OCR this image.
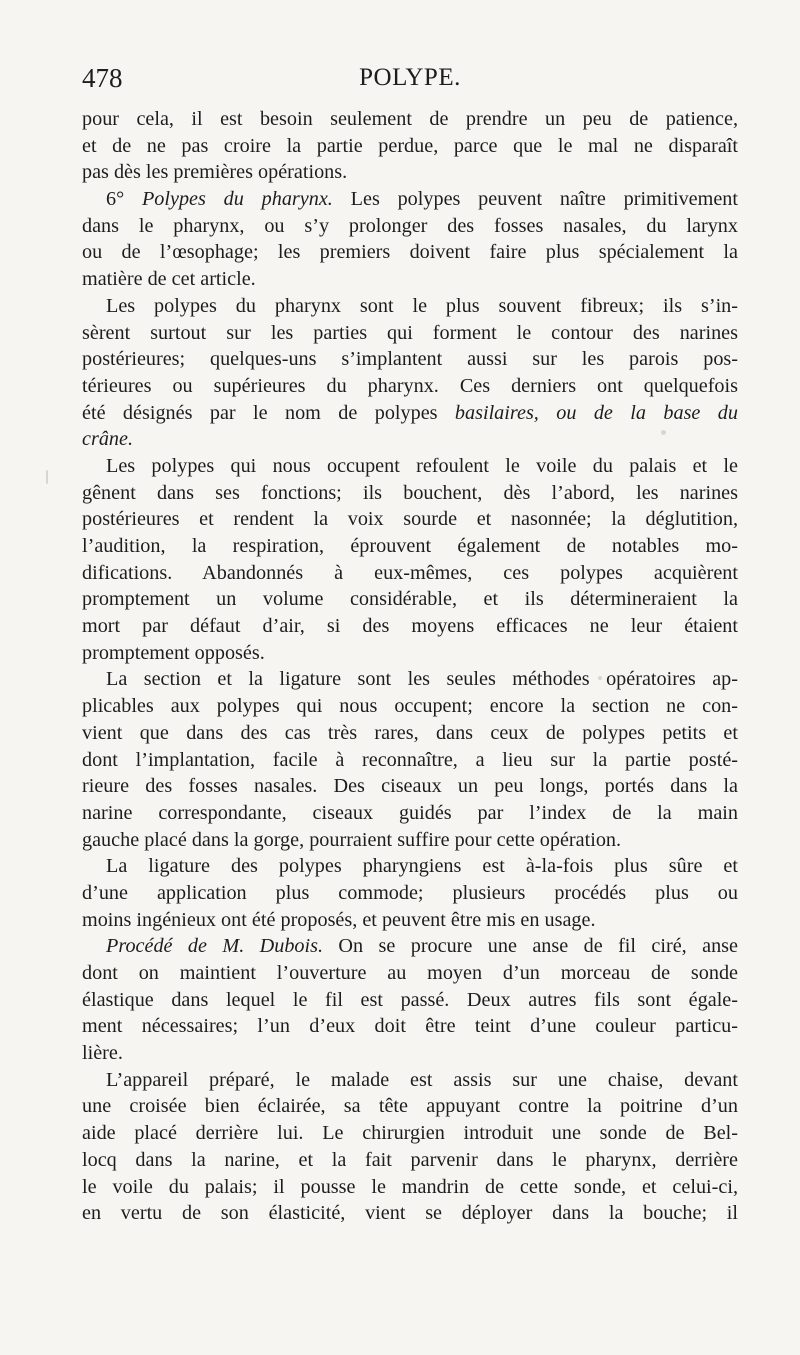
478	POLYPE.
pour cela, il est besoin seulement de prendre un peu de patience,
et de ne pas croire la partie perdue, parce que le mal ne disparaît
pas dès les premières opérations.
6° Polypes du pharynx. Les polypes peuvent naître primitivement
dans le pharynx, ou s’y prolonger des fosses nasales, du larynx
ou de l’œsophage; les premiers doivent faire plus spécialement la
matière de cet article.
Les polypes du pharynx sont le plus souvent fibreux; ils s’in-
sèrent surtout sur les parties qui forment le contour des narines
postérieures; quelques-uns s’implantent aussi sur les parois pos-
térieures ou supérieures du pharynx. Ces derniers ont quelquefois
été désignés par le nom de polypes basilaires, ou de la base du
crâne.
Les polypes qui nous occupent refoulent le voile du palais et le
gênent dans ses fonctions; ils bouchent, dès l’abord, les narines
postérieures et rendent la voix sourde et nasonnée; la déglutition,
l’audition, la respiration, éprouvent également de notables mo-
difications. Abandonnés à eux-mêmes, ces polypes acquièrent
promptement un volume considérable, et ils détermineraient la
mort par défaut d’air, si des moyens efficaces ne leur étaient
promptement opposés.
La section et la ligature sont les seules méthodes opératoires ap-
plicables aux polypes qui nous occupent; encore la section ne con-
vient que dans des cas très rares, dans ceux de polypes petits et
dont l’implantation, facile à reconnaître, a lieu sur la partie posté-
rieure des fosses nasales. Des ciseaux un peu longs, portés dans la
narine correspondante, ciseaux guidés par l’index de la main
gauche placé dans la gorge, pourraient suffire pour cette opération.
La ligature des polypes pharyngiens est à-la-fois plus sûre et
d’une application plus commode; plusieurs procédés plus ou
moins ingénieux ont été proposés, et peuvent être mis en usage.
Procédé de M. Dubois. On se procure une anse de fil ciré, anse
dont on maintient l’ouverture au moyen d’un morceau de sonde
élastique dans lequel le fil est passé. Deux autres fils sont égale-
ment nécessaires; l’un d’eux doit être teint d’une couleur particu-
lière.
L’appareil préparé, le malade est assis sur une chaise, devant
une croisée bien éclairée, sa tête appuyant contre la poitrine d’un
aide placé derrière lui. Le chirurgien introduit une sonde de Bel-
locq dans la narine, et la fait parvenir dans le pharynx, derrière
le voile du palais; il pousse le mandrin de cette sonde, et celui-ci,
en vertu de son élasticité, vient se déployer dans la bouche; il
